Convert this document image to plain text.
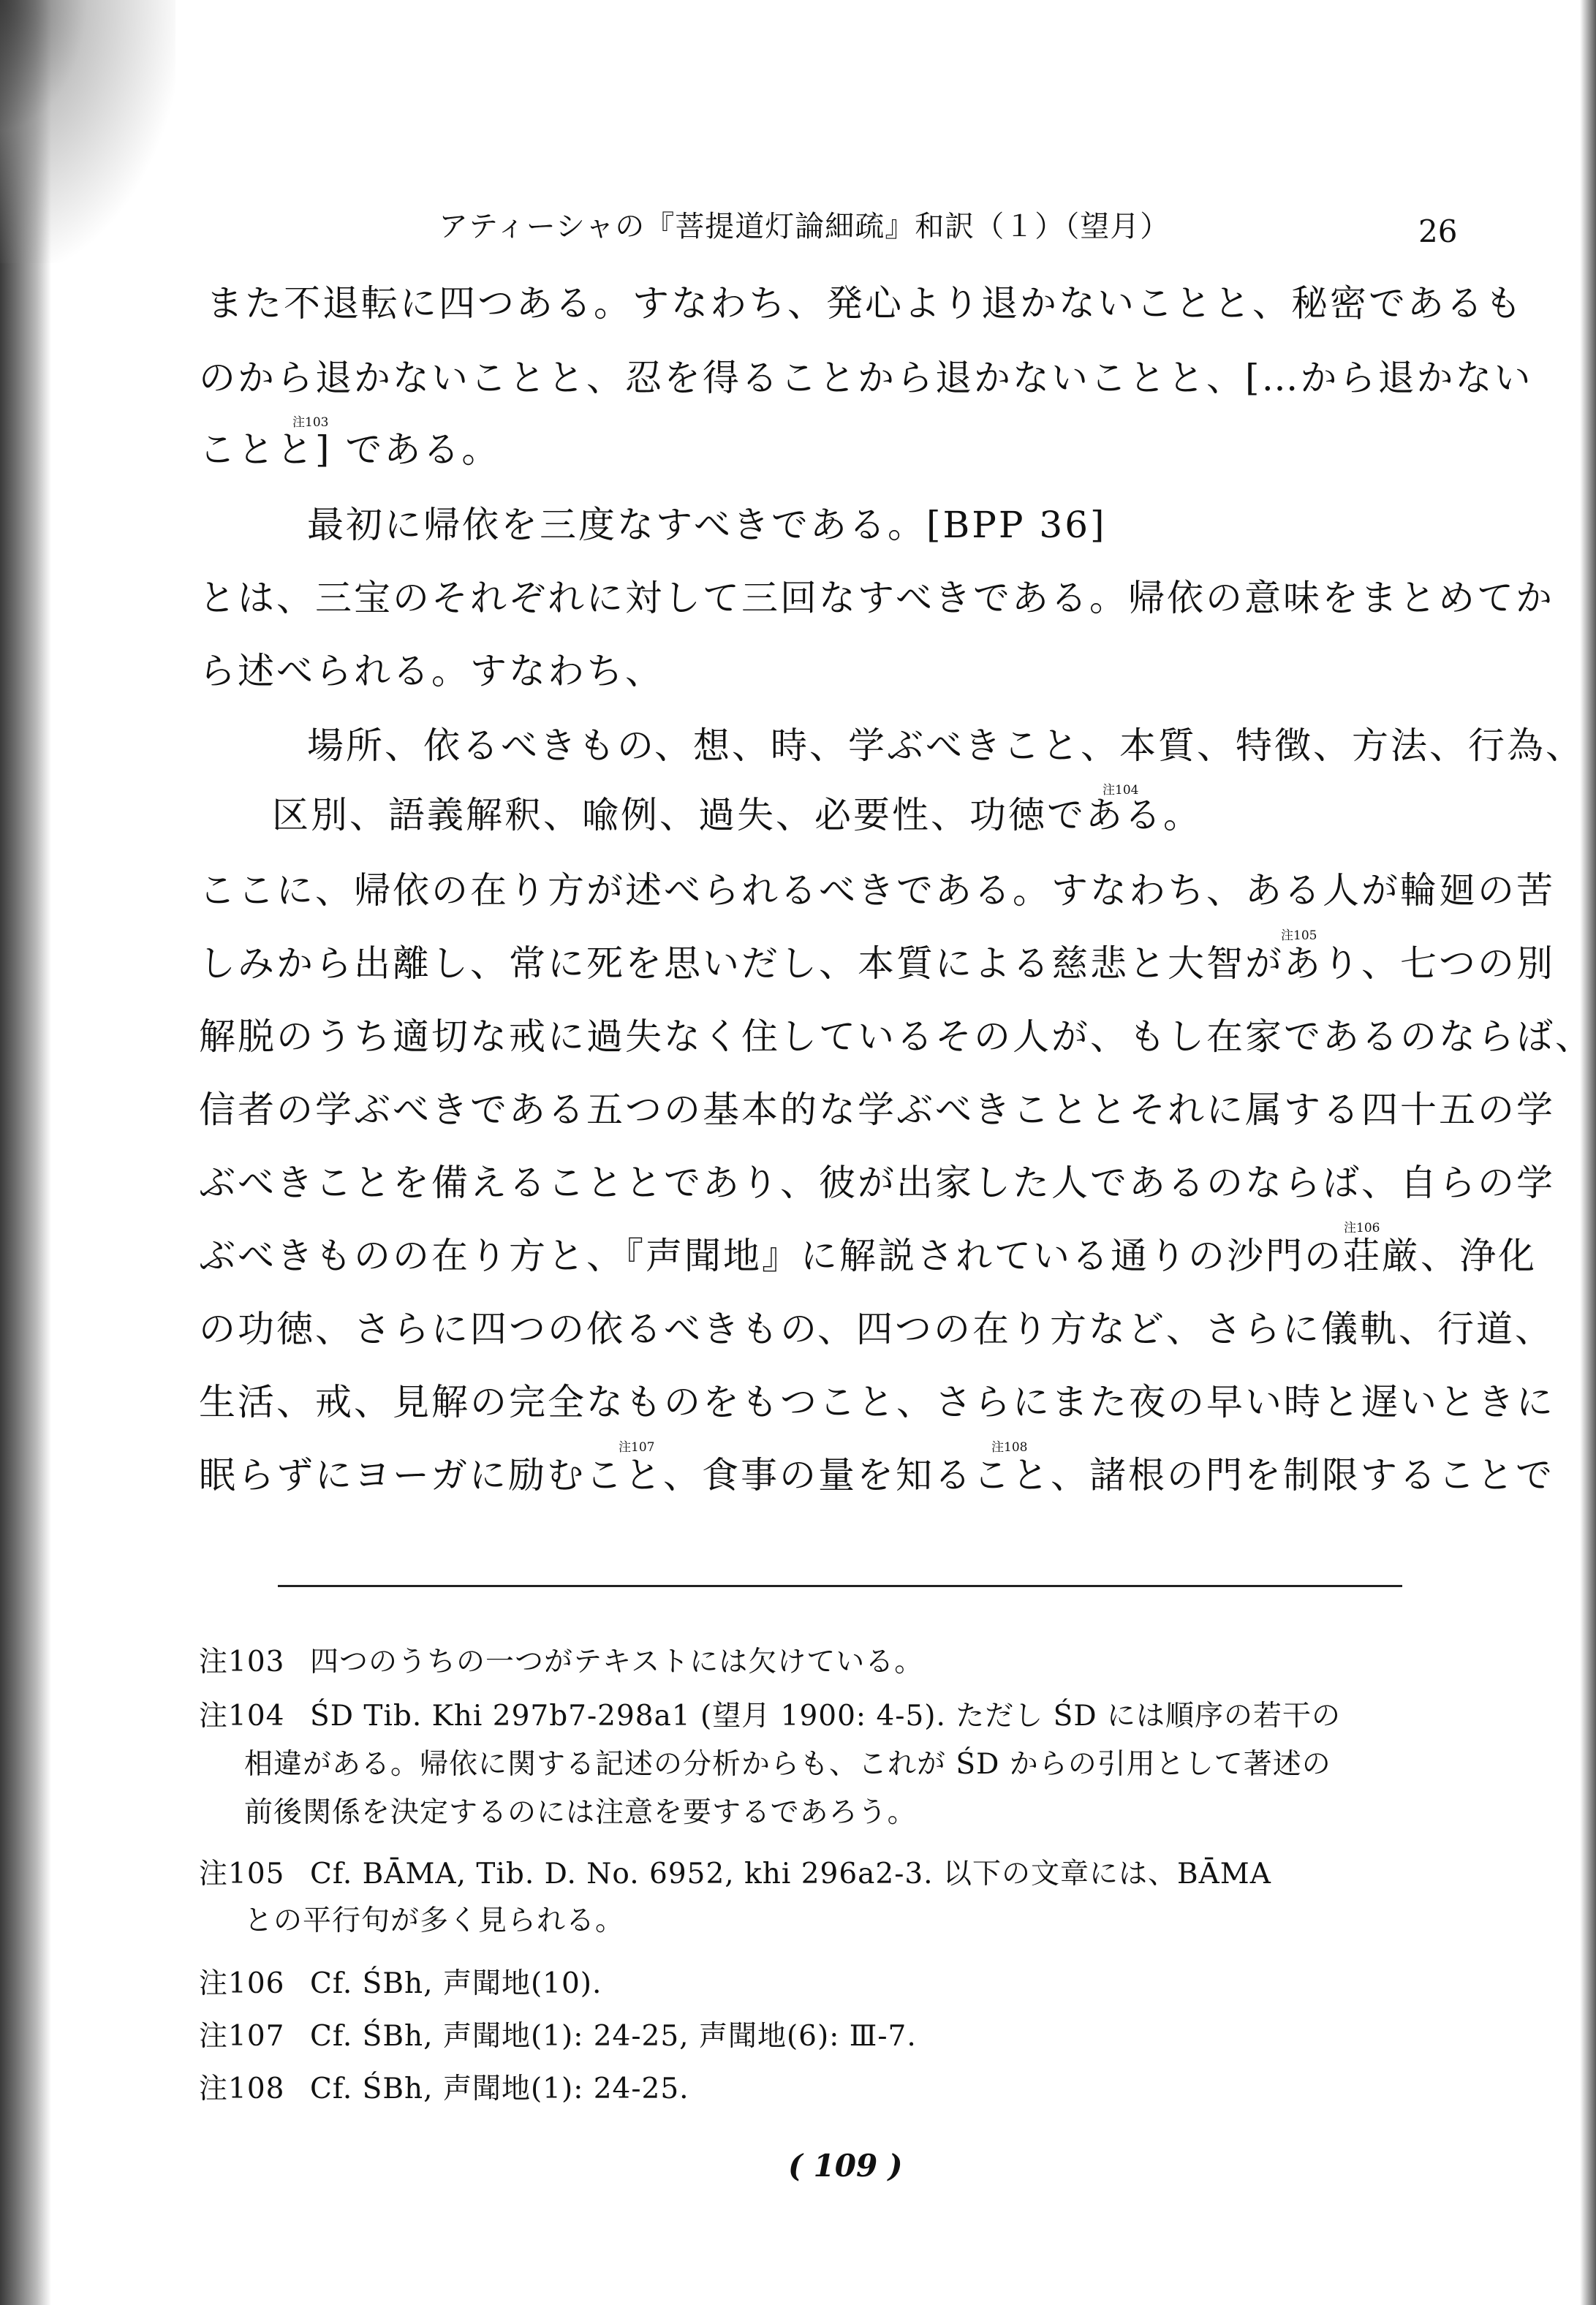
アティーシャの『菩提道灯論細疏』和訳（１）（望月）	26
また不退転に四つある。すなわち、発心より退かないことと、秘密であるも
のから退かないことと、忍を得ることから退かないことと、[…から退かない
ことと] である。
注103
最初に帰依を三度なすべきである。[BPP 36]
とは、三宝のそれぞれに対して三回なすべきである。帰依の意味をまとめてか
ら述べられる。すなわち、
場所、依るべきもの、想、時、学ぶべきこと、本質、特徴、方法、行為、
区別、語義解釈、喩例、過失、必要性、功徳である。
注104
ここに、帰依の在り方が述べられるべきである。すなわち、ある人が輪廻の苦
しみから出離し、常に死を思いだし、本質による慈悲と大智があり、七つの別
注105
解脱のうち適切な戒に過失なく住しているその人が、もし在家であるのならば、
信者の学ぶべきである五つの基本的な学ぶべきこととそれに属する四十五の学
ぶべきことを備えることとであり、彼が出家した人であるのならば、自らの学
ぶべきものの在り方と、『声聞地』に解説されている通りの沙門の荘厳、浄化
注106
の功徳、さらに四つの依るべきもの、四つの在り方など、さらに儀軌、行道、
生活、戒、見解の完全なものをもつこと、さらにまた夜の早い時と遅いときに
眠らずにヨーガに励むこと、食事の量を知ること、諸根の門を制限することで
注107	注108
注103 四つのうちの一つがテキストには欠けている。
注104 ŚD Tib. Khi 297b7-298a1 (望月 1900: 4-5). ただし ŚD には順序の若干の
相違がある。帰依に関する記述の分析からも、これが ŚD からの引用として著述の
前後関係を決定するのには注意を要するであろう。
注105 Cf. BĀMA, Tib. D. No. 6952, khi 296a2-3. 以下の文章には、BĀMA
との平行句が多く見られる。
注106 Cf. ŚBh, 声聞地(10).
注107 Cf. ŚBh, 声聞地(1): 24-25, 声聞地(6): Ⅲ-7.
注108 Cf. ŚBh, 声聞地(1): 24-25.
( 109 )
